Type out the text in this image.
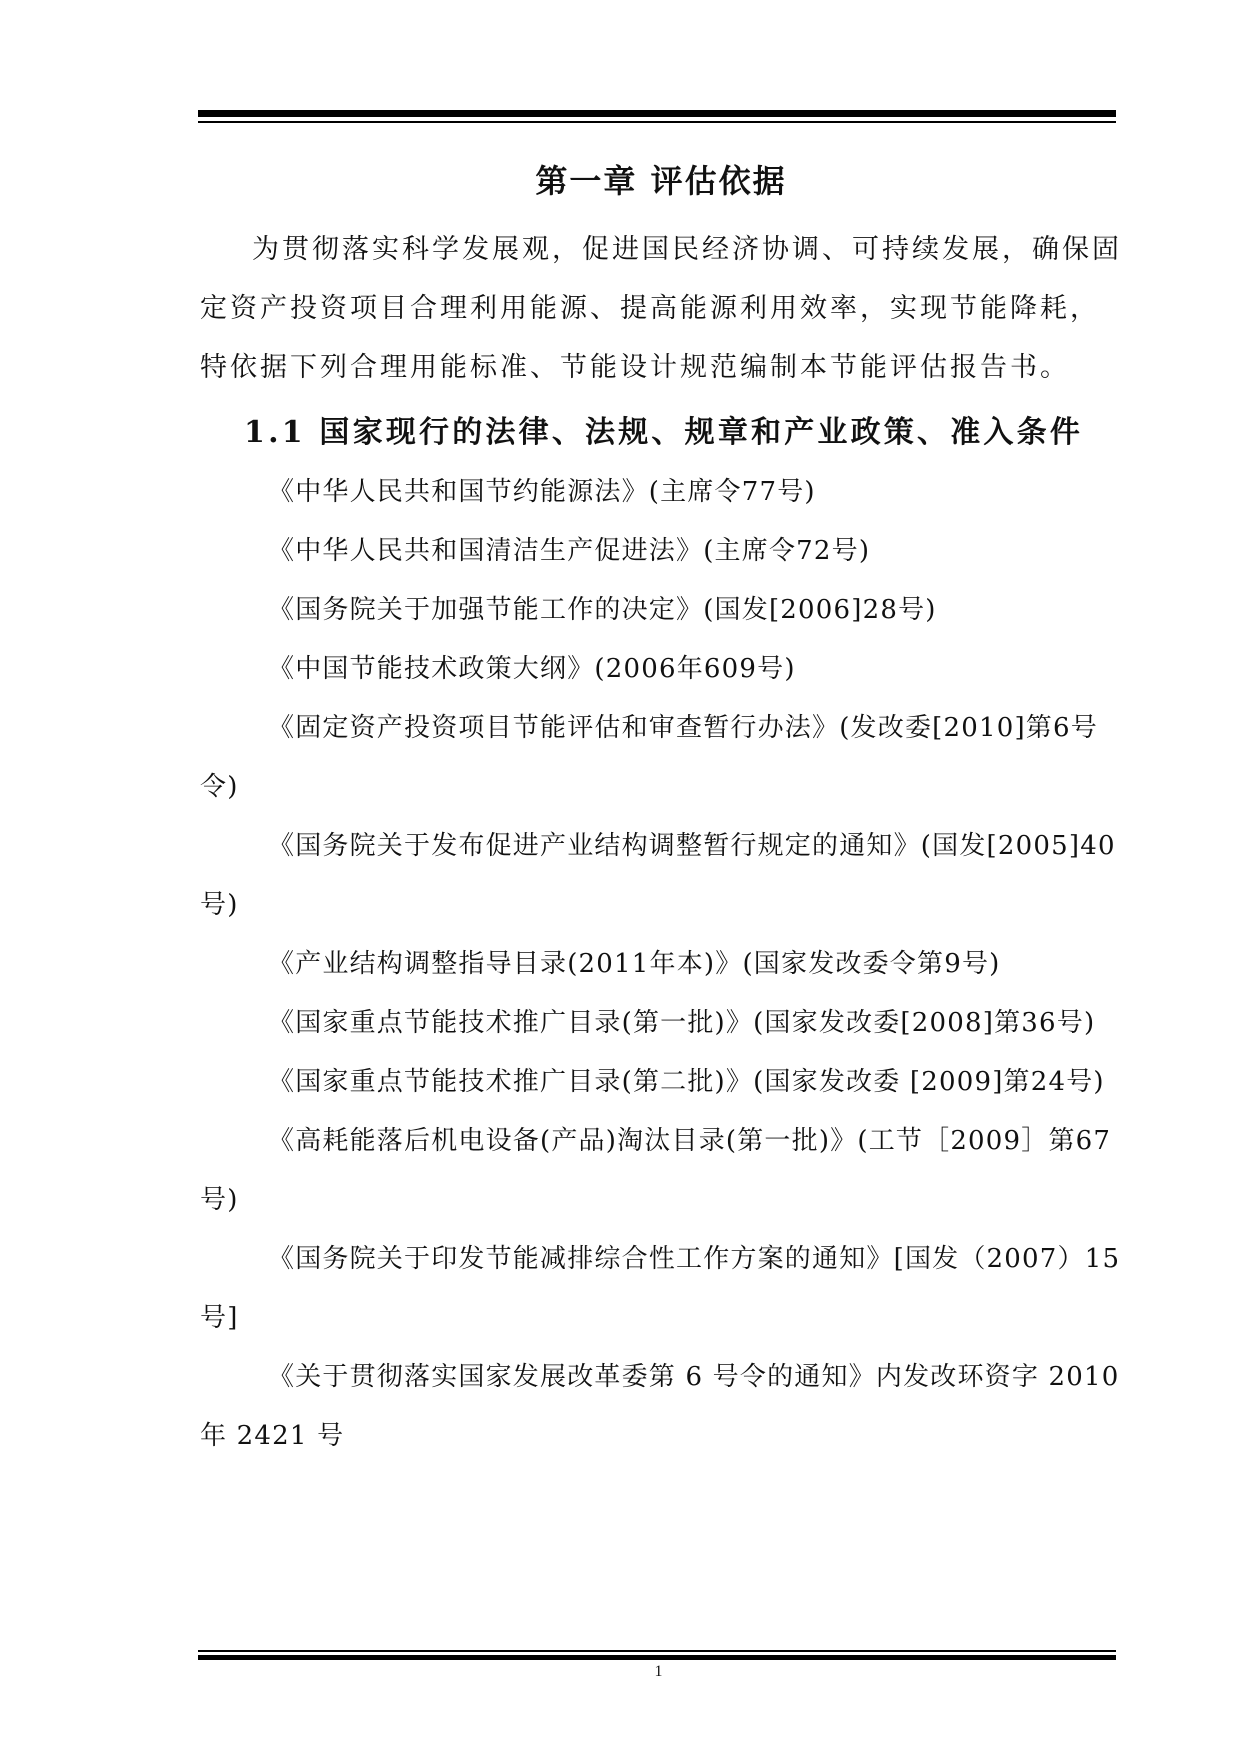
第一章 评估依据

为贯彻落实科学发展观，促进国民经济协调、可持续发展，确保固定资产投资项目合理利用能源、提高能源利用效率，实现节能降耗，特依据下列合理用能标准、节能设计规范编制本节能评估报告书。

1.1 国家现行的法律、法规、规章和产业政策、准入条件
《中华人民共和国节约能源法》(主席令77号)
《中华人民共和国清洁生产促进法》(主席令72号)
《国务院关于加强节能工作的决定》(国发[2006]28号)
《中国节能技术政策大纲》(2006年609号)
《固定资产投资项目节能评估和审查暂行办法》(发改委[2010]第6号令)
《国务院关于发布促进产业结构调整暂行规定的通知》(国发[2005]40号)
《产业结构调整指导目录(2011年本)》(国家发改委令第9号)
《国家重点节能技术推广目录(第一批)》(国家发改委[2008]第36号)
《国家重点节能技术推广目录(第二批)》(国家发改委 [2009]第24号)
《高耗能落后机电设备(产品)淘汰目录(第一批)》(工节［2009］第67号)
《国务院关于印发节能减排综合性工作方案的通知》[国发（2007）15号]
《关于贯彻落实国家发展改革委第 6 号令的通知》内发改环资字 2010 年 2421 号
1
